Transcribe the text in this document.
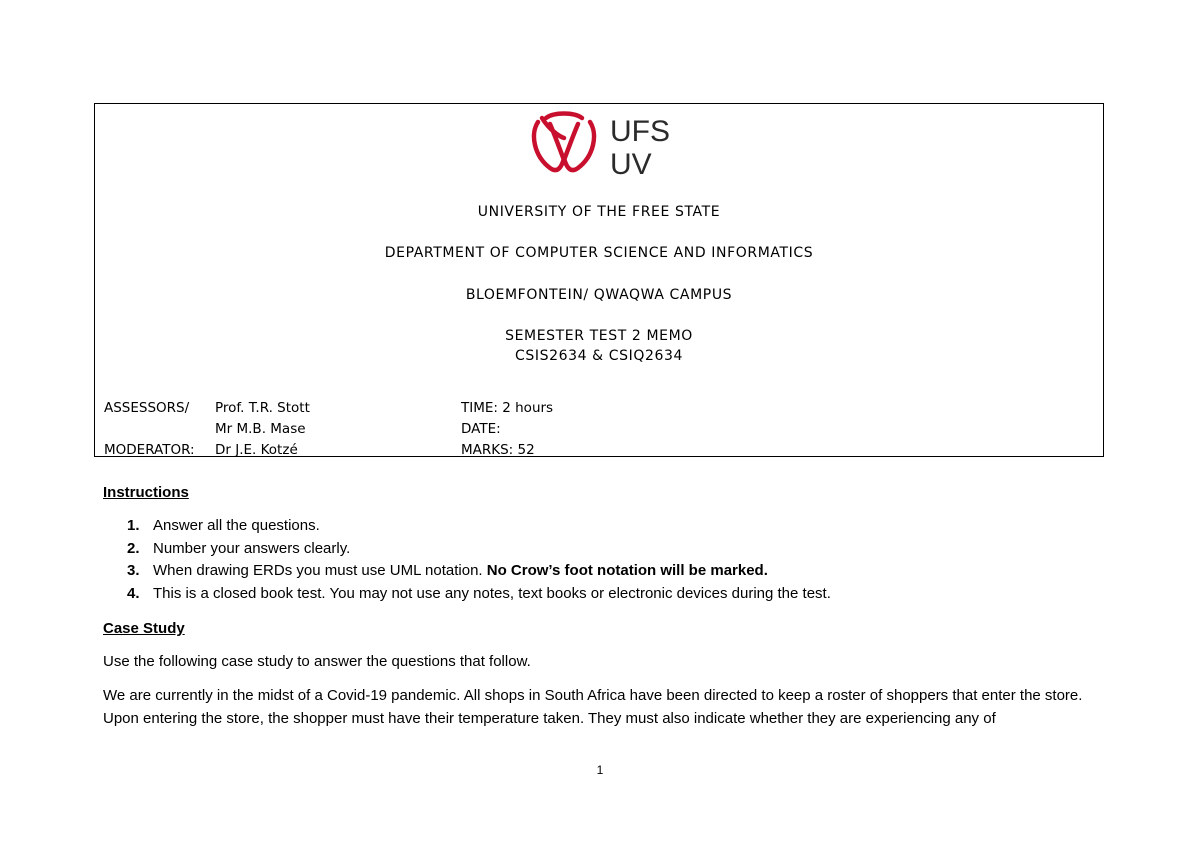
UFS
UV
UNIVERSITY OF THE FREE STATE
DEPARTMENT OF COMPUTER SCIENCE AND INFORMATICS
BLOEMFONTEIN/ QWAQWA CAMPUS
SEMESTER TEST 2 MEMO
CSIS2634 & CSIQ2634
ASSESSORS/ Prof. T.R. Stott
Mr M.B. Mase
MODERATOR: Dr J.E. Kotzé
TIME: 2 hours
DATE:
MARKS: 52
Instructions
1. Answer all the questions.
2. Number your answers clearly.
3. When drawing ERDs you must use UML notation. No Crow’s foot notation will be marked.
4. This is a closed book test. You may not use any notes, text books or electronic devices during the test.
Case Study
Use the following case study to answer the questions that follow.
We are currently in the midst of a Covid-19 pandemic. All shops in South Africa have been directed to keep a roster of shoppers that enter the store. Upon entering the store, the shopper must have their temperature taken. They must also indicate whether they are experiencing any of
1
